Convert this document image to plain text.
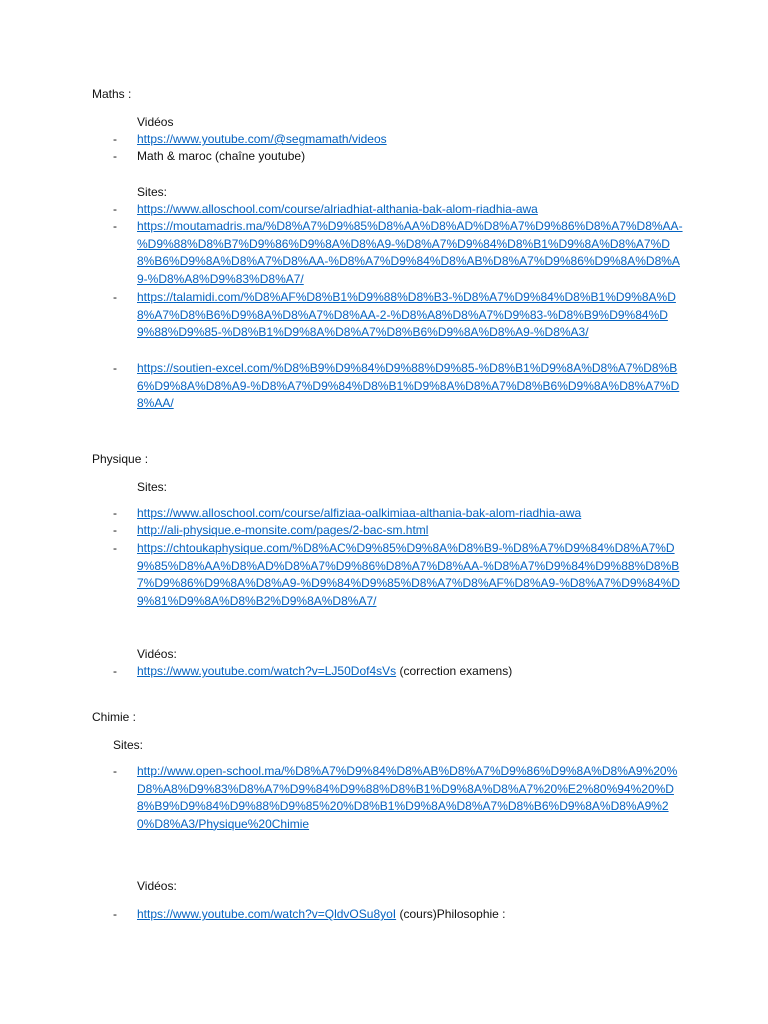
Maths :
Vidéos
-	https://www.youtube.com/@segmamath/videos
-	Math & maroc (chaîne youtube)
Sites:
-	https://www.alloschool.com/course/alriadhiat-althania-bak-alom-riadhia-awa
-	https://moutamadris.ma/%D8%A7%D9%85%D8%AA%D8%AD%D8%A7%D9%86%D8%A7%D8%AA-%D9%88%D8%B7%D9%86%D9%8A%D8%A9-%D8%A7%D9%84%D8%B1%D9%8A%D8%A7%D8%B6%D9%8A%D8%A7%D8%AA-%D8%A7%D9%84%D8%AB%D8%A7%D9%86%D9%8A%D8%A9-%D8%A8%D9%83%D8%A7/
-	https://talamidi.com/%D8%AF%D8%B1%D9%88%D8%B3-%D8%A7%D9%84%D8%B1%D9%8A%D8%A7%D8%B6%D9%8A%D8%A7%D8%AA-2-%D8%A8%D8%A7%D9%83-%D8%B9%D9%84%D9%88%D9%85-%D8%B1%D9%8A%D8%A7%D8%B6%D9%8A%D8%A9-%D8%A3/
-	https://soutien-excel.com/%D8%B9%D9%84%D9%88%D9%85-%D8%B1%D9%8A%D8%A7%D8%B6%D9%8A%D8%A9-%D8%A7%D9%84%D8%B1%D9%8A%D8%A7%D8%B6%D9%8A%D8%A7%D8%AA/
Physique :
Sites:
-	https://www.alloschool.com/course/alfiziaa-oalkimiaa-althania-bak-alom-riadhia-awa
-	http://ali-physique.e-monsite.com/pages/2-bac-sm.html
-	https://chtoukaphysique.com/%D8%AC%D9%85%D9%8A%D8%B9-%D8%A7%D9%84%D8%A7%D9%85%D8%AA%D8%AD%D8%A7%D9%86%D8%A7%D8%AA-%D8%A7%D9%84%D9%88%D8%B7%D9%86%D9%8A%D8%A9-%D9%84%D9%85%D8%A7%D8%AF%D8%A9-%D8%A7%D9%84%D9%81%D9%8A%D8%B2%D9%8A%D8%A7/
Vidéos:
-	https://www.youtube.com/watch?v=LJ50Dof4sVs (correction examens)
Chimie :
Sites:
-	http://www.open-school.ma/%D8%A7%D9%84%D8%AB%D8%A7%D9%86%D9%8A%D8%A9%20%D8%A8%D9%83%D8%A7%D9%84%D9%88%D8%B1%D9%8A%D8%A7%20%E2%80%94%20%D8%B9%D9%84%D9%88%D9%85%20%D8%B1%D9%8A%D8%A7%D8%B6%D9%8A%D8%A9%20%D8%A3/Physique%20Chimie
Vidéos:
-	https://www.youtube.com/watch?v=QldvOSu8yoI (cours)Philosophie :
